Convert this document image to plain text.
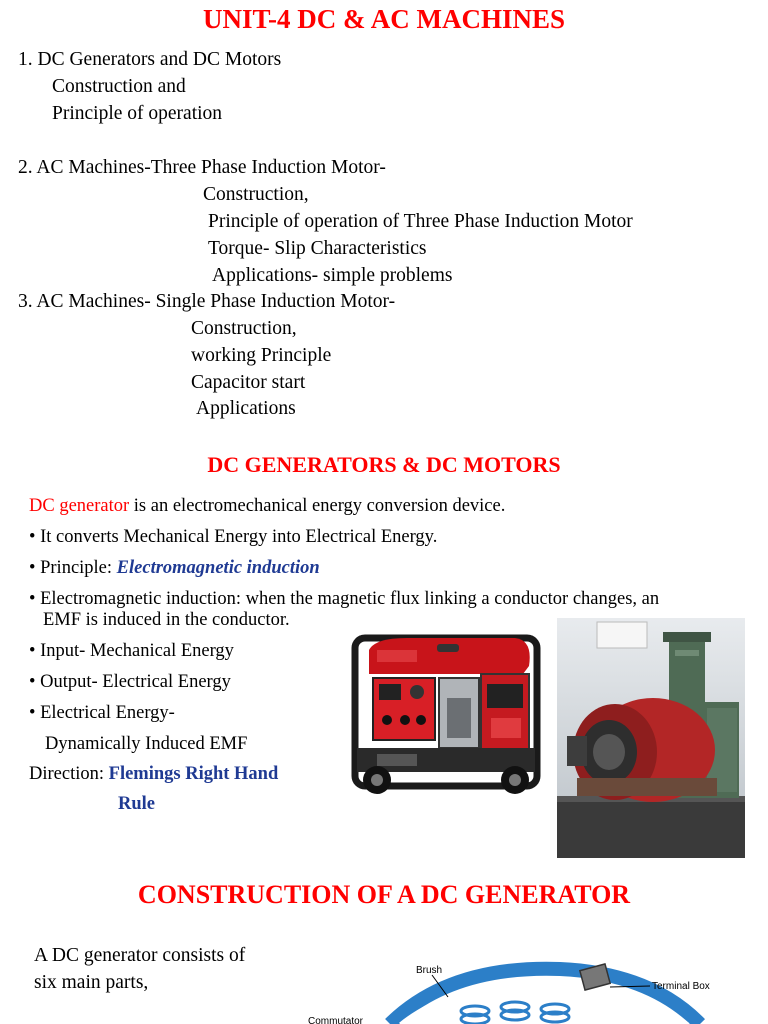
UNIT-4 DC & AC MACHINES
1. DC Generators and DC Motors
Construction and
Principle of operation
2. AC Machines-Three Phase Induction Motor-
Construction,
Principle of operation of Three Phase Induction Motor
Torque- Slip Characteristics
Applications- simple problems
3. AC Machines- Single Phase Induction Motor-
Construction,
working Principle
Capacitor start
Applications
DC GENERATORS & DC MOTORS
DC generator is an electromechanical energy conversion device.
• It converts Mechanical Energy into Electrical Energy.
• Principle: Electromagnetic induction
• Electromagnetic induction: when the magnetic flux linking a conductor changes, an
EMF is induced in the conductor.
• Input- Mechanical Energy
• Output- Electrical Energy
• Electrical Energy-
Dynamically Induced EMF
Direction: Flemings Right Hand
Rule
CONSTRUCTION OF A DC GENERATOR
A DC generator consists of
six main parts,
Brush
Terminal Box
Commutator
